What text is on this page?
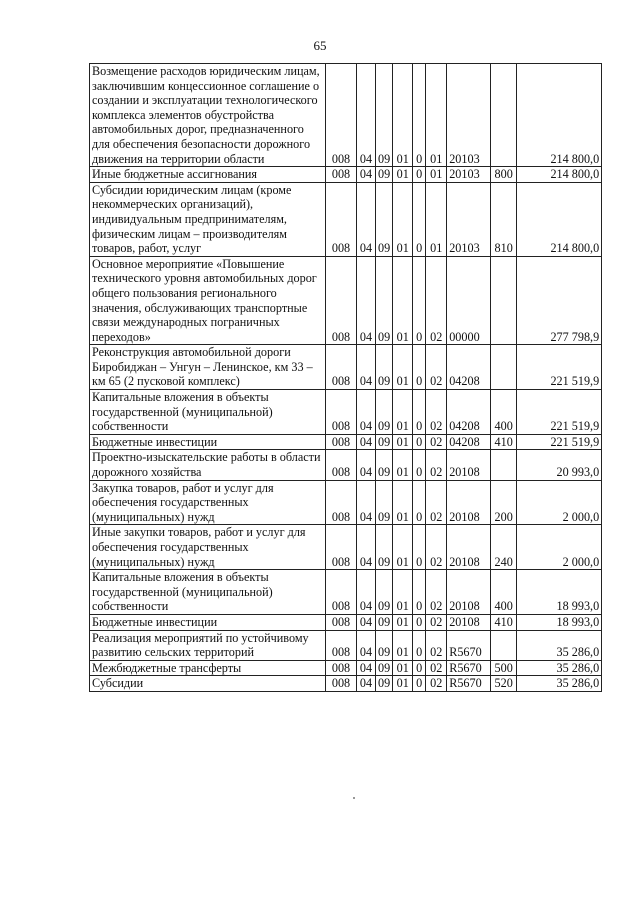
65
Возмещение расходов юридическим лицам, заключившим концессионное соглашение о создании и эксплуатации технологического комплекса элементов обустройства автомобильных дорог, предназначенного для обеспечения безопасности дорожного движения на территории области	008	04	09	01	0	01	20103		214 800,0
Иные бюджетные ассигнования	008	04	09	01	0	01	20103	800	214 800,0
Субсидии юридическим лицам (кроме некоммерческих организаций), индивидуальным предпринимателям, физическим лицам – производителям товаров, работ, услуг	008	04	09	01	0	01	20103	810	214 800,0
Основное мероприятие «Повышение технического уровня автомобильных дорог общего пользования регионального значения, обслуживающих транспортные связи международных пограничных переходов»	008	04	09	01	0	02	00000		277 798,9
Реконструкция автомобильной дороги Биробиджан – Унгун – Ленинское, км 33 – км 65 (2 пусковой комплекс)	008	04	09	01	0	02	04208		221 519,9
Капитальные вложения в объекты государственной (муниципальной) собственности	008	04	09	01	0	02	04208	400	221 519,9
Бюджетные инвестиции	008	04	09	01	0	02	04208	410	221 519,9
Проектно-изыскательские работы в области дорожного хозяйства	008	04	09	01	0	02	20108		20 993,0
Закупка товаров, работ и услуг для обеспечения государственных (муниципальных) нужд	008	04	09	01	0	02	20108	200	2 000,0
Иные закупки товаров, работ и услуг для обеспечения государственных (муниципальных) нужд	008	04	09	01	0	02	20108	240	2 000,0
Капитальные вложения в объекты государственной (муниципальной) собственности	008	04	09	01	0	02	20108	400	18 993,0
Бюджетные инвестиции	008	04	09	01	0	02	20108	410	18 993,0
Реализация мероприятий по устойчивому развитию сельских территорий	008	04	09	01	0	02	R5670		35 286,0
Межбюджетные трансферты	008	04	09	01	0	02	R5670	500	35 286,0
Субсидии	008	04	09	01	0	02	R5670	520	35 286,0
